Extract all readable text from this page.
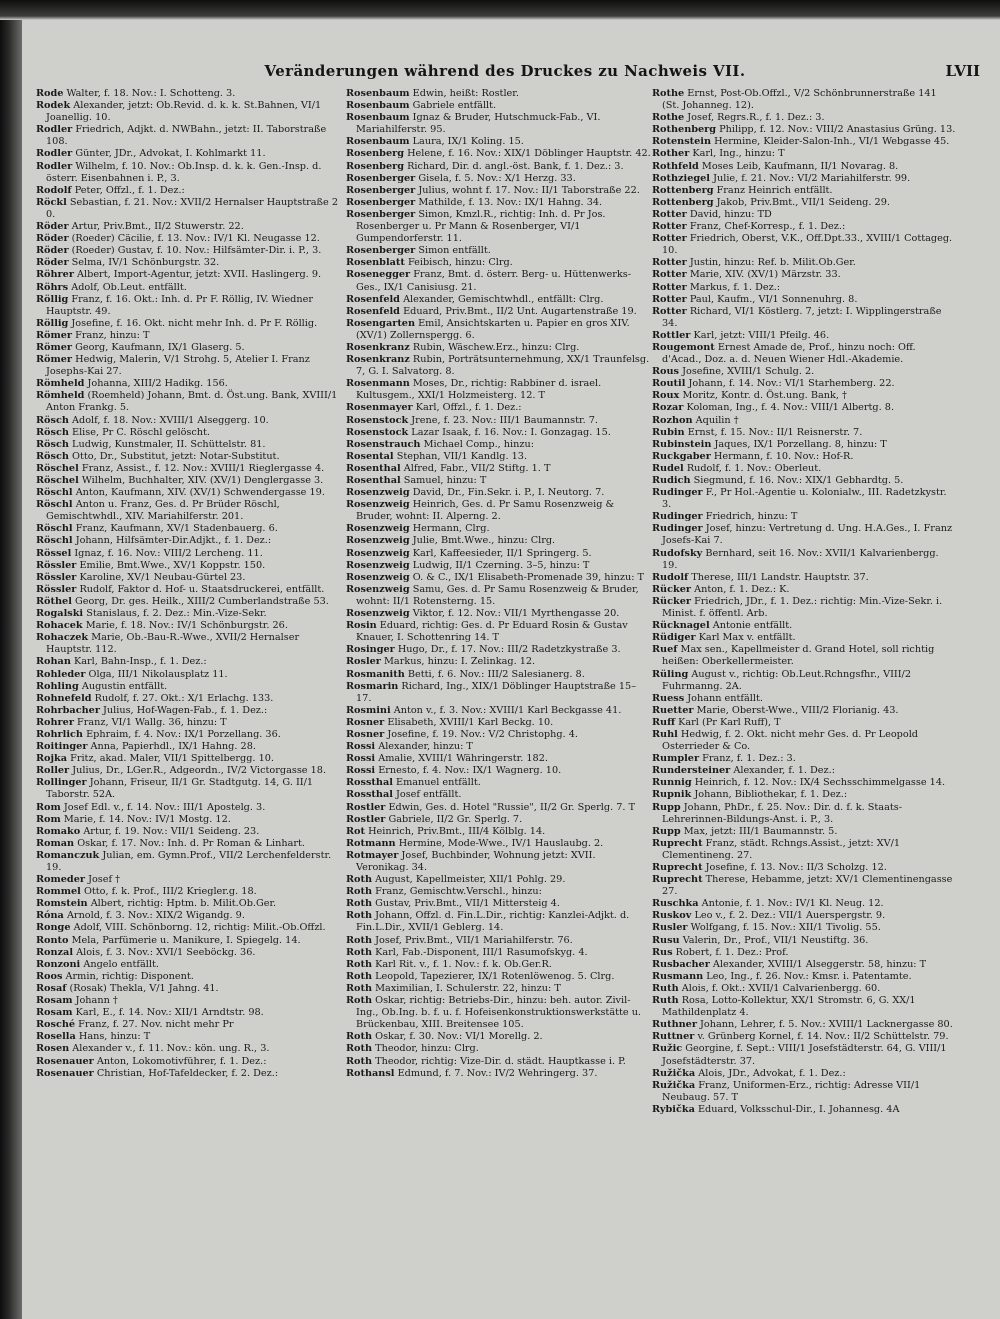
Veränderungen während des Druckes zu Nachweis VII.	LVII
Rode Walter, f. 18. Nov.: I. Schotteng. 3.
Rodek Alexander, jetzt: Ob.Revid. d. k. k. St.Bahnen, VI/1 Joanellig. 10.
Rodler Friedrich, Adjkt. d. NWBahn., jetzt: II. Taborstraße 108.
Rodler Günter, JDr., Advokat, I. Kohlmarkt 11.
Rodler Wilhelm, f. 10. Nov.: Ob.Insp. d. k. k. Gen.-Insp. d. österr. Eisenbahnen i. P., 3.
Rodolf Peter, Offzl., f. 1. Dez.:
Röckl Sebastian, f. 21. Nov.: XVII/2 Hernalser Hauptstraße 2 0.
Röder Artur, Priv.Bmt., II/2 Stuwerstr. 22.
Röder (Roeder) Cäcilie, f. 13. Nov.: IV/1 Kl. Neugasse 12.
Röder (Roeder) Gustav, f. 10. Nov.: Hilfsämter-Dir. i. P., 3.
Röder Selma, IV/1 Schönburgstr. 32.
Röhrer Albert, Import-Agentur, jetzt: XVII. Haslingerg. 9.
Röhrs Adolf, Ob.Leut. entfällt.
Röllig Franz, f. 16. Okt.: Inh. d. Pr F. Röllig, IV. Wiedner Hauptstr. 49.
Röllig Josefine, f. 16. Okt. nicht mehr Inh. d. Pr F. Röllig.
Römer Franz, hinzu: T
Römer Georg, Kaufmann, IX/1 Glaserg. 5.
Römer Hedwig, Malerin, V/1 Strohg. 5, Atelier I. Franz Josephs-Kai 27.
Römheld Johanna, XIII/2 Hadikg. 156.
Römheld (Roemheld) Johann, Bmt. d. Öst.ung. Bank, XVIII/1 Anton Frankg. 5.
Rösch Adolf, f. 18. Nov.: XVIII/1 Alseggerg. 10.
Rösch Elise, Pr C. Röschl gelöscht.
Rösch Ludwig, Kunstmaler, II. Schüttelstr. 81.
Rösch Otto, Dr., Substitut, jetzt: Notar-Substitut.
Röschel Franz, Assist., f. 12. Nov.: XVIII/1 Rieglergasse 4.
Röschel Wilhelm, Buchhalter, XIV. (XV/1) Denglergasse 3.
Röschl Anton, Kaufmann, XIV. (XV/1) Schwendergasse 19.
Röschl Anton u. Franz, Ges. d. Pr Brüder Röschl, Gemischtwhdl., XIV. Mariahilferstr. 201.
Röschl Franz, Kaufmann, XV/1 Stadenbauerg. 6.
Röschl Johann, Hilfsämter-Dir.Adjkt., f. 1. Dez.:
Rössel Ignaz, f. 16. Nov.: VIII/2 Lercheng. 11.
Rössler Emilie, Bmt.Wwe., XV/1 Koppstr. 150.
Rössler Karoline, XV/1 Neubau-Gürtel 23.
Rössler Rudolf, Faktor d. Hof- u. Staatsdruckerei, entfällt.
Röthel Georg, Dr. ges. Heilk., XIII/2 Cumberlandstraße 53.
Rogalski Stanislaus, f. 2. Dez.: Min.-Vize-Sekr.
Rohacek Marie, f. 18. Nov.: IV/1 Schönburgstr. 26.
Rohaczek Marie, Ob.-Bau-R.-Wwe., XVII/2 Hernalser Hauptstr. 112.
Rohan Karl, Bahn-Insp., f. 1. Dez.:
Rohleder Olga, III/1 Nikolausplatz 11.
Rohling Augustin entfällt.
Rohnefeld Rudolf, f. 27. Okt.: X/1 Erlachg. 133.
Rohrbacher Julius, Hof-Wagen-Fab., f. 1. Dez.:
Rohrer Franz, VI/1 Wallg. 36, hinzu: T
Rohrlich Ephraim, f. 4. Nov.: IX/1 Porzellang. 36.
Roitinger Anna, Papierhdl., IX/1 Hahng. 28.
Rojka Fritz, akad. Maler, VII/1 Spittelbergg. 10.
Roller Julius, Dr., LGer.R., Adgeordn., IV/2 Victorgasse 18.
Rollinger Johann, Friseur, II/1 Gr. Stadtgutg. 14, G. II/1 Taborstr. 52A.
Rom Josef Edl. v., f. 14. Nov.: III/1 Apostelg. 3.
Rom Marie, f. 14. Nov.: IV/1 Mostg. 12.
Romako Artur, f. 19. Nov.: VII/1 Seideng. 23.
Roman Oskar, f. 17. Nov.: Inh. d. Pr Roman & Linhart.
Romanczuk Julian, em. Gymn.Prof., VII/2 Lerchenfelderstr. 19.
Romeder Josef †
Rommel Otto, f. k. Prof., III/2 Kriegler.g. 18.
Romstein Albert, richtig: Hptm. b. Milit.Ob.Ger.
Róna Arnold, f. 3. Nov.: XIX/2 Wigandg. 9.
Ronge Adolf, VIII. Schönborng. 12, richtig: Milit.-Ob.Offzl.
Ronto Mela, Parfümerie u. Manikure, I. Spiegelg. 14.
Ronzal Alois, f. 3. Nov.: XVI/1 Seeböckg. 36.
Ronzoni Angelo entfällt.
Roos Armin, richtig: Disponent.
Rosaf (Rosak) Thekla, V/1 Jahng. 41.
Rosam Johann †
Rosam Karl, E., f. 14. Nov.: XII/1 Arndtstr. 98.
Rosché Franz, f. 27. Nov. nicht mehr Pr
Rosella Hans, hinzu: T
Rosen Alexander v., f. 11. Nov.: kön. ung. R., 3.
Rosenauer Anton, Lokomotivführer, f. 1. Dez.:
Rosenauer Christian, Hof-Tafeldecker, f. 2. Dez.:
Rosenbaum Edwin, heißt: Rostler.
Rosenbaum Gabriele entfällt.
Rosenbaum Ignaz & Bruder, Hutschmuck-Fab., VI. Mariahilferstr. 95.
Rosenbaum Laura, IX/1 Koling. 15.
Rosenberg Helene, f. 16. Nov.: XIX/1 Döblinger Hauptstr. 42.
Rosenberg Richard, Dir. d. angl.-öst. Bank, f. 1. Dez.: 3.
Rosenberger Gisela, f. 5. Nov.: X/1 Herzg. 33.
Rosenberger Julius, wohnt f. 17. Nov.: II/1 Taborstraße 22.
Rosenberger Mathilde, f. 13. Nov.: IX/1 Hahng. 34.
Rosenberger Simon, Kmzl.R., richtig: Inh. d. Pr Jos. Rosenberger u. Pr Mann & Rosenberger, VI/1 Gumpendorferstr. 11.
Rosenberger Simon entfällt.
Rosenblatt Feibisch, hinzu: Clrg.
Rosenegger Franz, Bmt. d. österr. Berg- u. Hüttenwerks-Ges., IX/1 Canisiusg. 21.
Rosenfeld Alexander, Gemischtwhdl., entfällt: Clrg.
Rosenfeld Eduard, Priv.Bmt., II/2 Unt. Augartenstraße 19.
Rosengarten Emil, Ansichtskarten u. Papier en gros XIV. (XV/1) Zollernspergg. 6.
Rosenkranz Rubin, Wäschew.Erz., hinzu: Clrg.
Rosenkranz Rubin, Porträtsunternehmung, XX/1 Traunfelsg. 7, G. I. Salvatorg. 8.
Rosenmann Moses, Dr., richtig: Rabbiner d. israel. Kultusgem., XXI/1 Holzmeisterg. 12. T
Rosenmayer Karl, Offzl., f. 1. Dez.:
Rosenstock Jrene, f. 23. Nov.: III/1 Baumannstr. 7.
Rosenstock Lazar Isaak, f. 16. Nov.: I. Gonzagag. 15.
Rosenstrauch Michael Comp., hinzu:
Rosental Stephan, VII/1 Kandlg. 13.
Rosenthal Alfred, Fabr., VII/2 Stiftg. 1. T
Rosenthal Samuel, hinzu: T
Rosenzweig David, Dr., Fin.Sekr. i. P., I. Neutorg. 7.
Rosenzweig Heinrich, Ges. d. Pr Samu Rosenzweig & Bruder, wohnt: II. Alperng. 2.
Rosenzweig Hermann, Clrg.
Rosenzweig Julie, Bmt.Wwe., hinzu: Clrg.
Rosenzweig Karl, Kaffeesieder, II/1 Springerg. 5.
Rosenzweig Ludwig, II/1 Czerning. 3–5, hinzu: T
Rosenzweig O. & C., IX/1 Elisabeth-Promenade 39, hinzu: T
Rosenzweig Samu, Ges. d. Pr Samu Rosenzweig & Bruder, wohnt: II/1 Rotensterng. 15.
Rosenzweig Viktor, f. 12. Nov.: VII/1 Myrthengasse 20.
Rosin Eduard, richtig: Ges. d. Pr Eduard Rosin & Gustav Knauer, I. Schottenring 14. T
Rosinger Hugo, Dr., f. 17. Nov.: III/2 Radetzkystraße 3.
Rosler Markus, hinzu: I. Zelinkag. 12.
Rosmanith Betti, f. 6. Nov.: III/2 Salesianerg. 8.
Rosmarin Richard, Ing., XIX/1 Döblinger Hauptstraße 15–17.
Rosmini Anton v., f. 3. Nov.: XVIII/1 Karl Beckgasse 41.
Rosner Elisabeth, XVIII/1 Karl Beckg. 10.
Rosner Josefine, f. 19. Nov.: V/2 Christophg. 4.
Rossi Alexander, hinzu: T
Rossi Amalie, XVIII/1 Währingerstr. 182.
Rossi Ernesto, f. 4. Nov.: IX/1 Wagnerg. 10.
Rossthal Emanuel entfällt.
Rossthal Josef entfällt.
Rostler Edwin, Ges. d. Hotel "Russie", II/2 Gr. Sperlg. 7. T
Rostler Gabriele, II/2 Gr. Sperlg. 7.
Rot Heinrich, Priv.Bmt., III/4 Kölblg. 14.
Rotmann Hermine, Mode-Wwe., IV/1 Hauslaubg. 2.
Rotmayer Josef, Buchbinder, Wohnung jetzt: XVII. Veronikag. 34.
Roth August, Kapellmeister, XII/1 Pohlg. 29.
Roth Franz, Gemischtw.Verschl., hinzu:
Roth Gustav, Priv.Bmt., VII/1 Mittersteig 4.
Roth Johann, Offzl. d. Fin.L.Dir., richtig: Kanzlei-Adjkt. d. Fin.L.Dir., XVII/1 Geblerg. 14.
Roth Josef, Priv.Bmt., VII/1 Mariahilferstr. 76.
Roth Karl, Fab.-Disponent, III/1 Rasumofskyg. 4.
Roth Karl Rit. v., f. 1. Nov.: f. k. Ob.Ger.R.
Roth Leopold, Tapezierer, IX/1 Rotenlöwenog. 5. Clrg.
Roth Maximilian, I. Schulerstr. 22, hinzu: T
Roth Oskar, richtig: Betriebs-Dir., hinzu: beh. autor. Zivil-Ing., Ob.Ing. b. f. u. f. Hofeisenkonstruktionswerkstätte u. Brückenbau, XIII. Breitensee 105.
Roth Oskar, f. 30. Nov.: VI/1 Morellg. 2.
Roth Theodor, hinzu: Clrg.
Roth Theodor, richtig: Vize-Dir. d. städt. Hauptkasse i. P.
Rothansl Edmund, f. 7. Nov.: IV/2 Wehringerg. 37.
Rothe Ernst, Post-Ob.Offzl., V/2 Schönbrunnerstraße 141 (St. Johanneg. 12).
Rothe Josef, Regrs.R., f. 1. Dez.: 3.
Rothenberg Philipp, f. 12. Nov.: VIII/2 Anastasius Grüng. 13.
Rotenstein Hermine, Kleider-Salon-Inh., VI/1 Webgasse 45.
Rother Karl, Ing., hinzu: T
Rothfeld Moses Leib, Kaufmann, II/1 Novarag. 8.
Rothziegel Julie, f. 21. Nov.: VI/2 Mariahilferstr. 99.
Rottenberg Franz Heinrich entfällt.
Rottenberg Jakob, Priv.Bmt., VII/1 Seideng. 29.
Rotter David, hinzu: TD
Rotter Franz, Chef-Korresp., f. 1. Dez.:
Rotter Friedrich, Oberst, V.K., Off.Dpt.33., XVIII/1 Cottageg. 10.
Rotter Justin, hinzu: Ref. b. Milit.Ob.Ger.
Rotter Marie, XIV. (XV/1) Märzstr. 33.
Rotter Markus, f. 1. Dez.:
Rotter Paul, Kaufm., VI/1 Sonnenuhrg. 8.
Rotter Richard, VI/1 Köstlerg. 7, jetzt: I. Wipplingerstraße 34.
Rottler Karl, jetzt: VIII/1 Pfeilg. 46.
Rougemont Ernest Amade de, Prof., hinzu noch: Off. d'Acad., Doz. a. d. Neuen Wiener Hdl.-Akademie.
Rous Josefine, XVIII/1 Schulg. 2.
Routil Johann, f. 14. Nov.: VI/1 Starhemberg. 22.
Roux Moritz, Kontr. d. Öst.ung. Bank, †
Rozar Koloman, Ing., f. 4. Nov.: VIII/1 Albertg. 8.
Rozhon Aquilin †
Rubin Ernst, f. 15. Nov.: II/1 Reisnerstr. 7.
Rubinstein Jaques, IX/1 Porzellang. 8, hinzu: T
Ruckgaber Hermann, f. 10. Nov.: Hof-R.
Rudel Rudolf, f. 1. Nov.: Oberleut.
Rudich Siegmund, f. 16. Nov.: XIX/1 Gebhardtg. 5.
Rudinger F., Pr Hol.-Agentie u. Kolonialw., III. Radetzkystr. 3.
Rudinger Friedrich, hinzu: T
Rudinger Josef, hinzu: Vertretung d. Ung. H.A.Ges., I. Franz Josefs-Kai 7.
Rudofsky Bernhard, seit 16. Nov.: XVII/1 Kalvarienbergg. 19.
Rudolf Therese, III/1 Landstr. Hauptstr. 37.
Rücker Anton, f. 1. Dez.: K.
Rücker Friedrich, JDr., f. 1. Dez.: richtig: Min.-Vize-Sekr. i. Minist. f. öffentl. Arb.
Rücknagel Antonie entfällt.
Rüdiger Karl Max v. entfällt.
Ruef Max sen., Kapellmeister d. Grand Hotel, soll richtig heißen: Oberkellermeister.
Rüling August v., richtig: Ob.Leut.Rchngsfhr., VIII/2 Fuhrmanng. 2A.
Ruess Johann entfällt.
Ruetter Marie, Oberst-Wwe., VIII/2 Florianig. 43.
Ruff Karl (Pr Karl Ruff), T
Ruhl Hedwig, f. 2. Okt. nicht mehr Ges. d. Pr Leopold Osterrieder & Co.
Rumpler Franz, f. 1. Dez.: 3.
Rundersteiner Alexander, f. 1. Dez.:
Runnig Heinrich, f. 12. Nov.: IX/4 Sechsschimmelgasse 14.
Rupnik Johann, Bibliothekar, f. 1. Dez.:
Rupp Johann, PhDr., f. 25. Nov.: Dir. d. f. k. Staats-Lehrerinnen-Bildungs-Anst. i. P., 3.
Rupp Max, jetzt: III/1 Baumannstr. 5.
Ruprecht Franz, städt. Rchngs.Assist., jetzt: XV/1 Clementineng. 27.
Ruprecht Josefine, f. 13. Nov.: II/3 Scholzg. 12.
Ruprecht Therese, Hebamme, jetzt: XV/1 Clementinengasse 27.
Ruschka Antonie, f. 1. Nov.: IV/1 Kl. Neug. 12.
Ruskov Leo v., f. 2. Dez.: VII/1 Auerspergstr. 9.
Rusler Wolfgang, f. 15. Nov.: XII/1 Tivolig. 55.
Rusu Valerin, Dr., Prof., VII/1 Neustiftg. 36.
Rus Robert, f. 1. Dez.: Prof.
Rusbacher Alexander, XVIII/1 Alseggerstr. 58, hinzu: T
Rusmann Leo, Ing., f. 26. Nov.: Kmsr. i. Patentamte.
Ruth Alois, f. Okt.: XVII/1 Calvarienbergg. 60.
Ruth Rosa, Lotto-Kollektur, XX/1 Stromstr. 6, G. XX/1 Mathildenplatz 4.
Ruthner Johann, Lehrer, f. 5. Nov.: XVIII/1 Lacknergasse 80.
Ruttner v. Grünberg Kornel, f. 14. Nov.: II/2 Schüttelstr. 79.
Ružic Georgine, f. Sept.: VIII/1 Josefstädterstr. 64, G. VIII/1 Josefstädterstr. 37.
Ružička Alois, JDr., Advokat, f. 1. Dez.:
Ružička Franz, Uniformen-Erz., richtig: Adresse VII/1 Neubaug. 57. T
Rybička Eduard, Volksschul-Dir., I. Johannesg. 4A
